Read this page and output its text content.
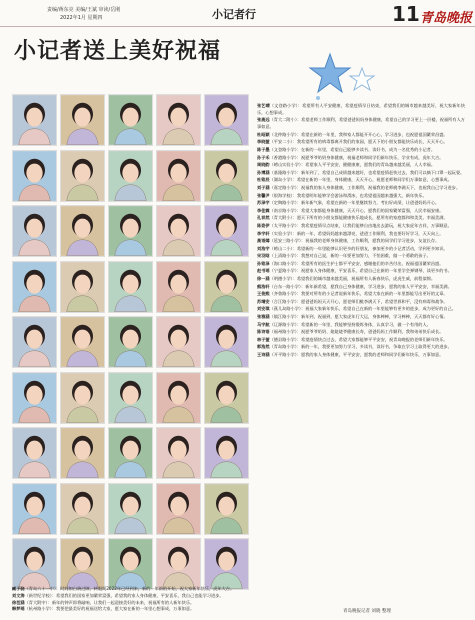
责编/蒋东亮 美编/王斌 审读/岳刚
2022年1月 星期四	小记者行	11 青岛晚报
小记者送上美好祝福

张艺晴（文登路小学）：希望所有人平安健康，希望疫情早日结束，希望我们的城市越来越美好，祝大家新年快乐，心想事成。

张高远（青大二附小）：希望老师工作顺利，希望爸爸妈妈身体健康，希望自己的学习更上一层楼，祝福所有人万事如意。

杜昭颖（北仲路小学）：希望在新的一年里，我和家人都能开开心心，学习进步，也祝愿祖国繁荣昌盛。

李晓萱（平安二小）：我希望所有的病毒都离开我们的家园，愿天下的小朋友都能快乐成长，天天开心。

陈子墨（文登路小学）：在新的一年里，希望自己能够多读书、读好书，成为一名优秀的小记者。

孙子禾（香港路小学）：祝愿爷爷奶奶身体健康，祝福老师和同学们新年快乐，学业有成，虎年大吉。

周晓韵（崂山实验小学）：希望家人平平安安，健健康康，愿我们的青岛越来越美丽，人人幸福。

孙博涵（基隆路小学）：新年到了，希望自己成绩越来越好，也希望疫情赶快过去，我们可以摘下口罩一起玩耍。

杜铭辰（湖岛小学）：希望在新的一年里，身体健康，天天开心，祝愿老师和同学们万事如意，心想事成。

刘子涵（嘉定路小学）：祝福我的家人身体健康，工作顺利，祝福我的老师桃李满天下，也祝我自己学习进步。

张馨尹（银海学校）：我希望明年能够学会游泳和滑冰，也希望祖国越来越强大，新年快乐。

苏泽宇（定陶路小学）：新年新气象，希望在新的一年里继续努力，考出好成绩，让爸爸妈妈开心。

李佳霖（南京路小学）：希望大家都能身体健康，天天开心，愿我们的国家繁荣富强，人民幸福安康。

孔祥然（青大附小）：愿天下所有的小朋友都能健康快乐地成长，愿所有的家庭都和和美美，幸福美满。

陈姿伊（太平路小学）：我希望疫情早点结束，让我们能够自由地出去游玩，祝大家虎年吉祥，万事顺意。

李宇轩（实验小学）：新的一年，希望妈妈越来越漂亮，爸爸工作顺利，我也要好好学习，天天向上。

高语嫣（延安三路小学）：祝福我的老师身体健康，工作顺利，愿我的同学们学习进步，友谊长存。

刘浩宇（崂山二小）：希望新的一年里能够认识更多的好朋友，参加更多的小记者活动，学到更多知识。

宋羽晗（上清路小学）：我想对自己说，新的一年要更加努力，不怕困难，做一个勇敢的孩子。

孙铭泽（海口路小学）：希望所有的医生护士都平平安安，感谢他们的辛苦付出，祝福祖国繁荣昌盛。

赵书瑶（宁夏路小学）：祝愿家人身体健康，平安喜乐，希望自己在新的一年里学会弹钢琴，读更多的书。

徐一涵（明德小学）：希望我们的城市越来越美丽，祝福所有人新春快乐，虎虎生威，前程似锦。

熊浩轩（台东一路小学）：新年新希望，愿我自己身体健康，学习进步，愿我的家人平平安安，幸福美满。

王俊熙（齐鲁路小学）：我要对所有的小记者说新年快乐，希望大家在新的一年里都能写出更好的文章。

苏靖安（合江路小学）：愿爸爸妈妈天天开心，愿老师们桃李满天下，希望世界和平，没有病毒和战争。

刘安琪（燕儿岛路小学）：祝福大家新年快乐，希望自己在新的一年里能够有更多的进步，成为更好的自己。

张雅涵（镇江路小学）：新年到，祝福到，愿大家虎年行大运，身体棒棒，学习棒棒，天天都有好心情。

马宇航（辽源路小学）：希望新的一年里，我能够坚持锻炼身体，认真学习，做一个有用的人。

陈诗语（福州路小学）：祝愿爷爷奶奶、姥姥姥爷健康长寿，爸爸妈妈工作顺利，我和弟弟快乐成长。

林子萱（德县路小学）：希望疫情快点过去，希望大家都能够平平安安，祝青岛晚报的老师们新年快乐。

郭浩然（青岛路小学）：新的一年，我要更加努力学习，多读书，读好书，争取在学习上取得更大的进步。

王诗涵（开平路小学）：愿我的家人身体健康，平平安安，愿我的老师和同学们新年快乐，万事如意。

臧子骁（青岛六十一中）：时间如白驹过隙，转眼间2022年已经到来，新的一年新的开始，祝大家新年快乐，虎年大吉。

刘文涛（新世纪学校）：希望我们的国家更加繁荣富强，希望我的家人身体健康，平安喜乐，我自己也能学习进步。

徐莅涵（青大附中）：新年的钟声即将敲响，让我们一起迎接美好的未来，祝福所有的人新年快乐。

韩梦瑶（杭州路小学）：我要把最美好的祝福送给大家，愿大家在新的一年里心想事成，万事如意。

青岛晚报记者 刘晓 整理
